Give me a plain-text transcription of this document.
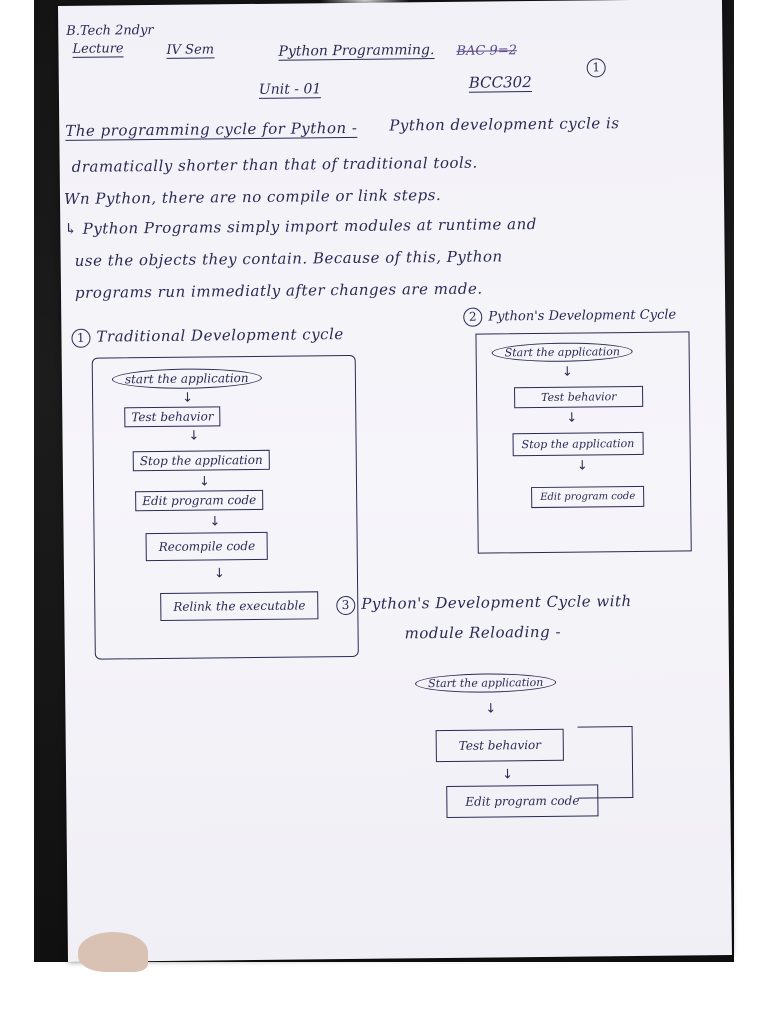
B.Tech 2ndyr
Lecture	IV Sem	Python Programming. BAC 9=2
BCC302
1
Unit - 01
The programming cycle for Python - Python development cycle is
dramatically shorter than that of traditional tools.
Wn Python, there are no compile or link steps.
↳ Python Programs simply import modules at runtime and
use the objects they contain. Because of this, Python
programs run immediatly after changes are made.
1 Traditional Development cycle
start the application
↓
Test behavior
↓
Stop the application
↓
Edit program code
↓
Recompile code
↓
Relink the executable
2 Python's Development Cycle
Start the application
↓
Test behavior
↓
Stop the application
↓
Edit program code
3 Python's Development Cycle with
module Reloading -
Start the application
↓
Test behavior
↓
Edit program code
